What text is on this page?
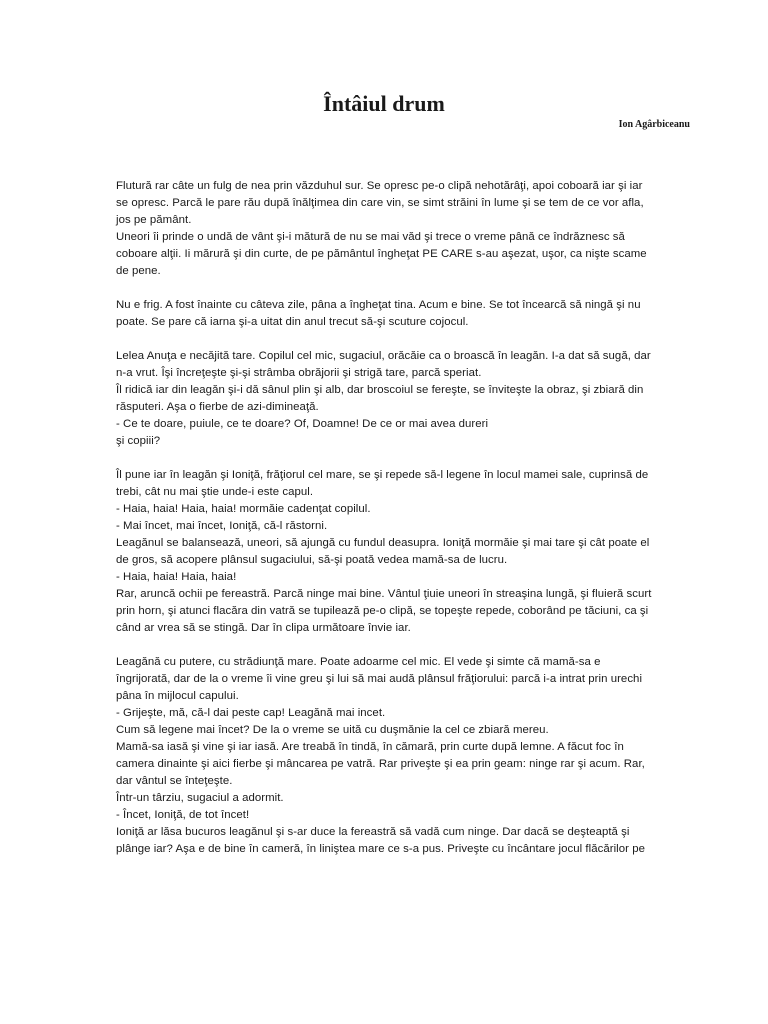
Întâiul drum
Ion Agârbiceanu
Flutură rar câte un fulg de nea prin văzduhul sur. Se opresc pe-o clipă nehotărâţi, apoi coboară iar şi iar
se opresc. Parcă le pare rău după înălţimea din care vin, se simt străini în lume şi se tem de ce vor afla,
jos pe pământ.
Uneori îi prinde o undă de vânt şi-i mătură de nu se mai văd şi trece o vreme până ce îndrăznesc să
coboare alţii. Ii mărură şi din curte, de pe pământul îngheţat PE CARE s-au aşezat, uşor, ca nişte scame
de pene.
Nu e frig. A fost înainte cu câteva zile, pâna a îngheţat tina. Acum e bine. Se tot încearcă să ningă şi nu
poate. Se pare că iarna şi-a uitat din anul trecut să-şi scuture cojocul.
Lelea Anuţa e necăjită tare. Copilul cel mic, sugaciul, orăcăie ca o broască în leagăn. I-a dat să sugă, dar
n-a vrut. Îşi încreţeşte şi-şi strâmba obrăjorii şi strigă tare, parcă speriat.
Îl ridică iar din leagăn şi-i dă sânul plin şi alb, dar broscoiul se fereşte, se înviteşte la obraz, şi zbiară din
răsputeri. Aşa o fierbe de azi-dimineaţă.
- Ce te doare, puiule, ce te doare? Of, Doamne! De ce or mai avea dureri
şi copiii?
Îl pune iar în leagăn şi Ioniţă, frăţiorul cel mare, se şi repede să-l legene în locul mamei sale, cuprinsă de
trebi, cât nu mai ştie unde-i este capul.
- Haia, haia! Haia, haia! mormăie cadenţat copilul.
- Mai încet, mai încet, Ioniţă, că-l răstorni.
Leagănul se balansează, uneori, să ajungă cu fundul deasupra. Ioniţă mormăie şi mai tare şi cât poate el
de gros, să acopere plânsul sugaciului, să-şi poată vedea mamă-sa de lucru.
- Haia, haia! Haia, haia!
Rar, aruncă ochii pe fereastră. Parcă ninge mai bine. Vântul ţiuie uneori în streaşina lungă, şi fluieră scurt
prin horn, şi atunci flacăra din vatră se tupilează pe-o clipă, se topeşte repede, coborând pe tăciuni, ca şi
când ar vrea să se stingă. Dar în clipa următoare învie iar.
Leagănă cu putere, cu strădiunţă mare. Poate adoarme cel mic. El vede şi simte că mamă-sa e
îngrijorată, dar de la o vreme îi vine greu şi lui să mai audă plânsul frăţiorului: parcă i-a intrat prin urechi
pâna în mijlocul capului.
- Grijeşte, mă, că-l dai peste cap! Leagănă mai incet.
Cum să legene mai încet? De la o vreme se uită cu duşmănie la cel ce zbiară mereu.
Mamă-sa iasă şi vine şi iar iasă. Are treabă în tindă, în cămară, prin curte după lemne. A făcut foc în
camera dinainte şi aici fierbe şi mâncarea pe vatră. Rar priveşte şi ea prin geam: ninge rar şi acum. Rar,
dar vântul se înteţeşte.
Într-un târziu, sugaciul a adormit.
- Încet, Ioniţă, de tot încet!
Ioniţă ar lăsa bucuros leagănul şi s-ar duce la fereastră să vadă cum ninge. Dar dacă se deşteaptă şi
plânge iar? Aşa e de bine în cameră, în liniştea mare ce s-a pus. Priveşte cu încântare jocul flăcărilor pe
